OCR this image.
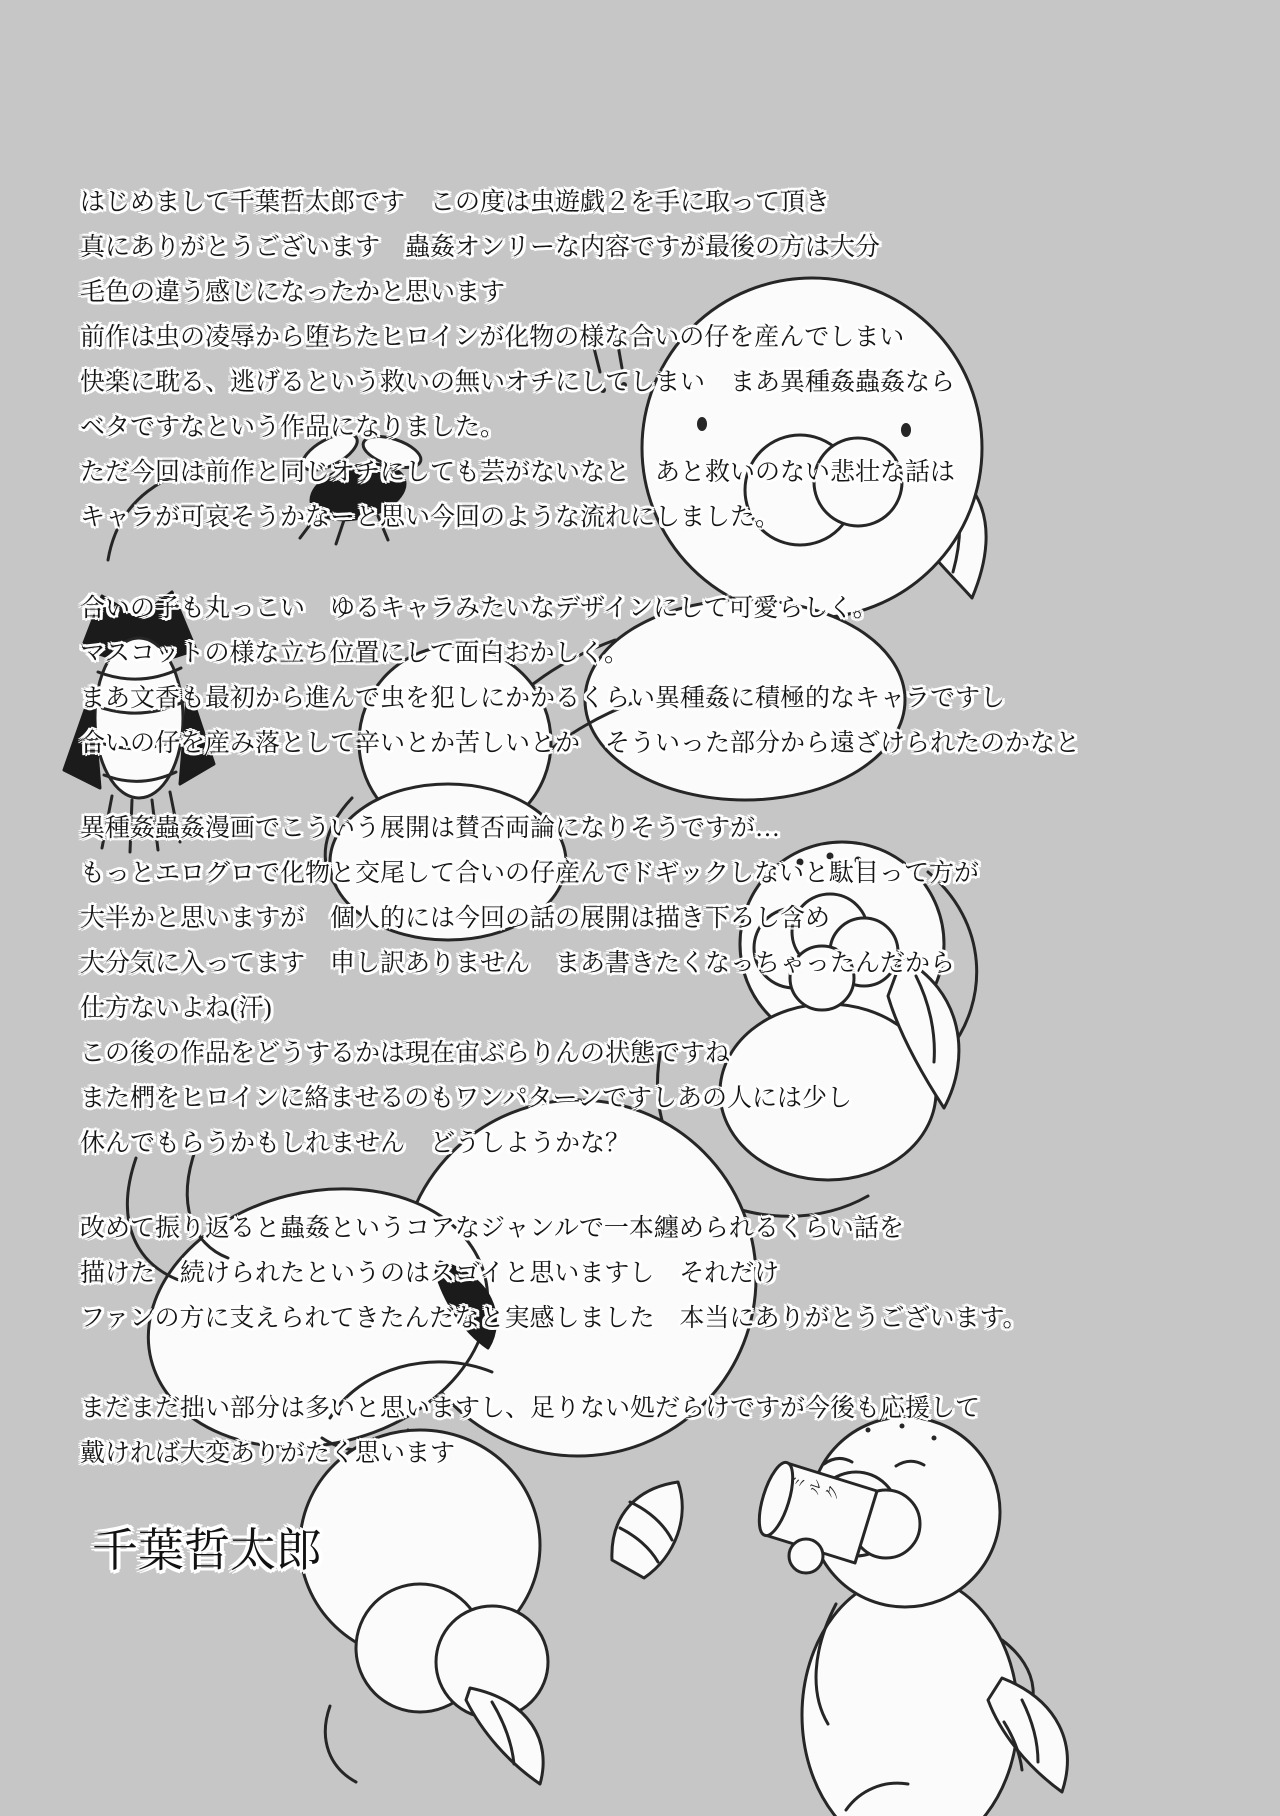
ミルク
はじめまして千葉哲太郎です　この度は虫遊戯２を手に取って頂き
真にありがとうございます　蟲姦オンリーな内容ですが最後の方は大分
毛色の違う感じになったかと思います
前作は虫の凌辱から堕ちたヒロインが化物の様な合いの仔を産んでしまい
快楽に耽る、逃げるという救いの無いオチにしてしまい　まあ異種姦蟲姦なら
ベタですなという作品になりました。
ただ今回は前作と同じオチにしても芸がないなと　あと救いのない悲壮な話は
キャラが可哀そうかなーと思い今回のような流れにしました。
合いの子も丸っこい　ゆるキャラみたいなデザインにして可愛らしく。
マスコットの様な立ち位置にして面白おかしく。
まあ文香も最初から進んで虫を犯しにかかるくらい異種姦に積極的なキャラですし
合いの仔を産み落として辛いとか苦しいとか　そういった部分から遠ざけられたのかなと
異種姦蟲姦漫画でこういう展開は賛否両論になりそうですが…
もっとエログロで化物と交尾して合いの仔産んでドギックしないと駄目って方が
大半かと思いますが　個人的には今回の話の展開は描き下ろし含め
大分気に入ってます　申し訳ありません　まあ書きたくなっちゃったんだから
仕方ないよね(汗)
この後の作品をどうするかは現在宙ぶらりんの状態ですね
また椚をヒロインに絡ませるのもワンパターンですしあの人には少し
休んでもらうかもしれません　どうしようかな？
改めて振り返ると蟲姦というコアなジャンルで一本纏められるくらい話を
描けた　続けられたというのはスゴイと思いますし　それだけ
ファンの方に支えられてきたんだなと実感しました　本当にありがとうございます。
まだまだ拙い部分は多いと思いますし、足りない処だらけですが今後も応援して
戴ければ大変ありがたく思います
千葉哲太郎
